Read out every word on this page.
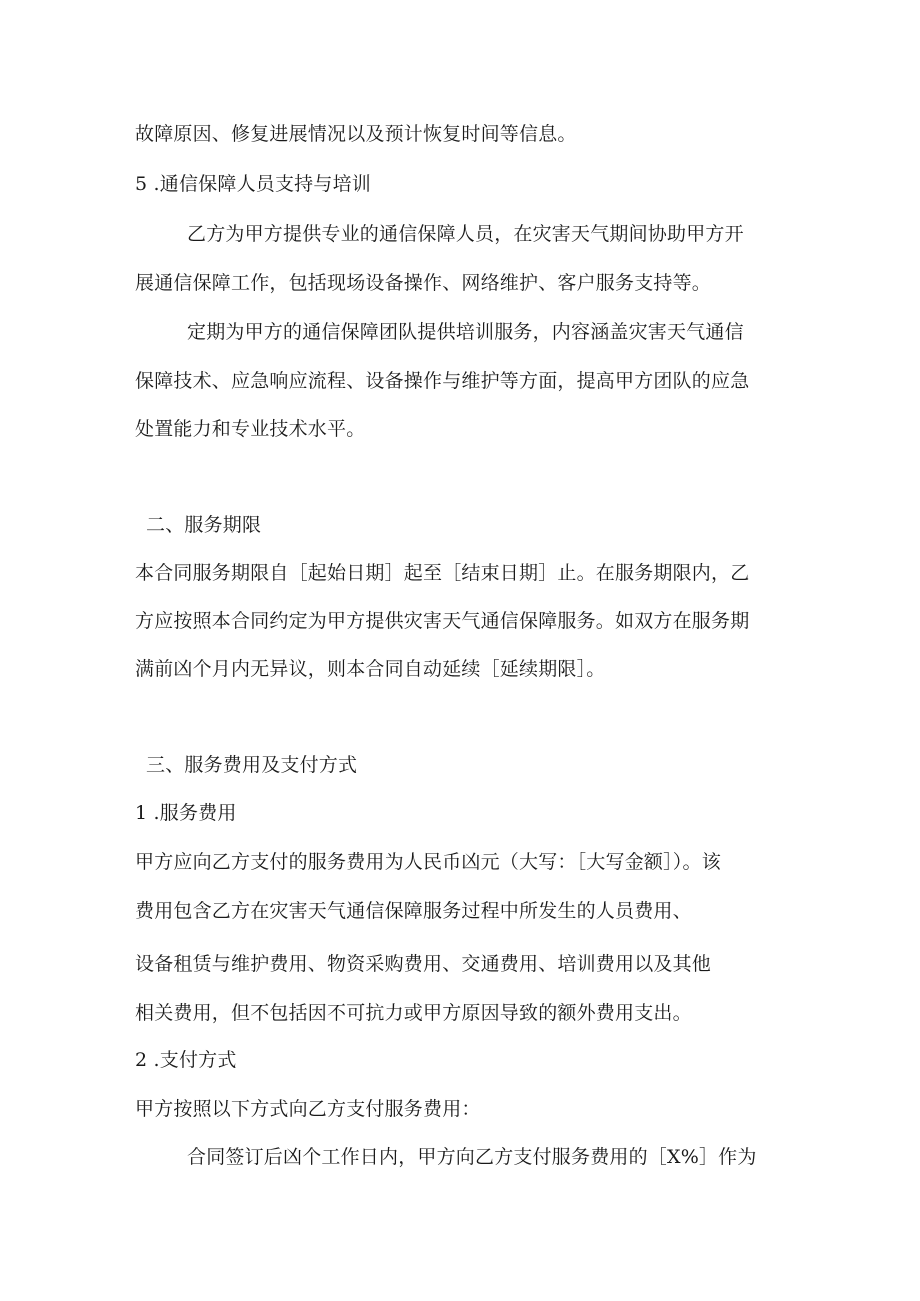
故障原因、修复进展情况以及预计恢复时间等信息。
5 .通信保障人员支持与培训
乙方为甲方提供专业的通信保障人员，在灾害天气期间协助甲方开
展通信保障工作，包括现场设备操作、网络维护、客户服务支持等。
定期为甲方的通信保障团队提供培训服务，内容涵盖灾害天气通信
保障技术、应急响应流程、设备操作与维护等方面，提高甲方团队的应急
处置能力和专业技术水平。
二、服务期限
本合同服务期限自［起始日期］起至［结束日期］止。在服务期限内，乙
方应按照本合同约定为甲方提供灾害天气通信保障服务。如双方在服务期
满前凶个月内无异议，则本合同自动延续［延续期限］。
三、服务费用及支付方式
1 .服务费用
甲方应向乙方支付的服务费用为人民币凶元（大写：［大写金额］）。该
费用包含乙方在灾害天气通信保障服务过程中所发生的人员费用、
设备租赁与维护费用、物资采购费用、交通费用、培训费用以及其他
相关费用，但不包括因不可抗力或甲方原因导致的额外费用支出。
2 .支付方式
甲方按照以下方式向乙方支付服务费用：
合同签订后凶个工作日内，甲方向乙方支付服务费用的［X%］作为
